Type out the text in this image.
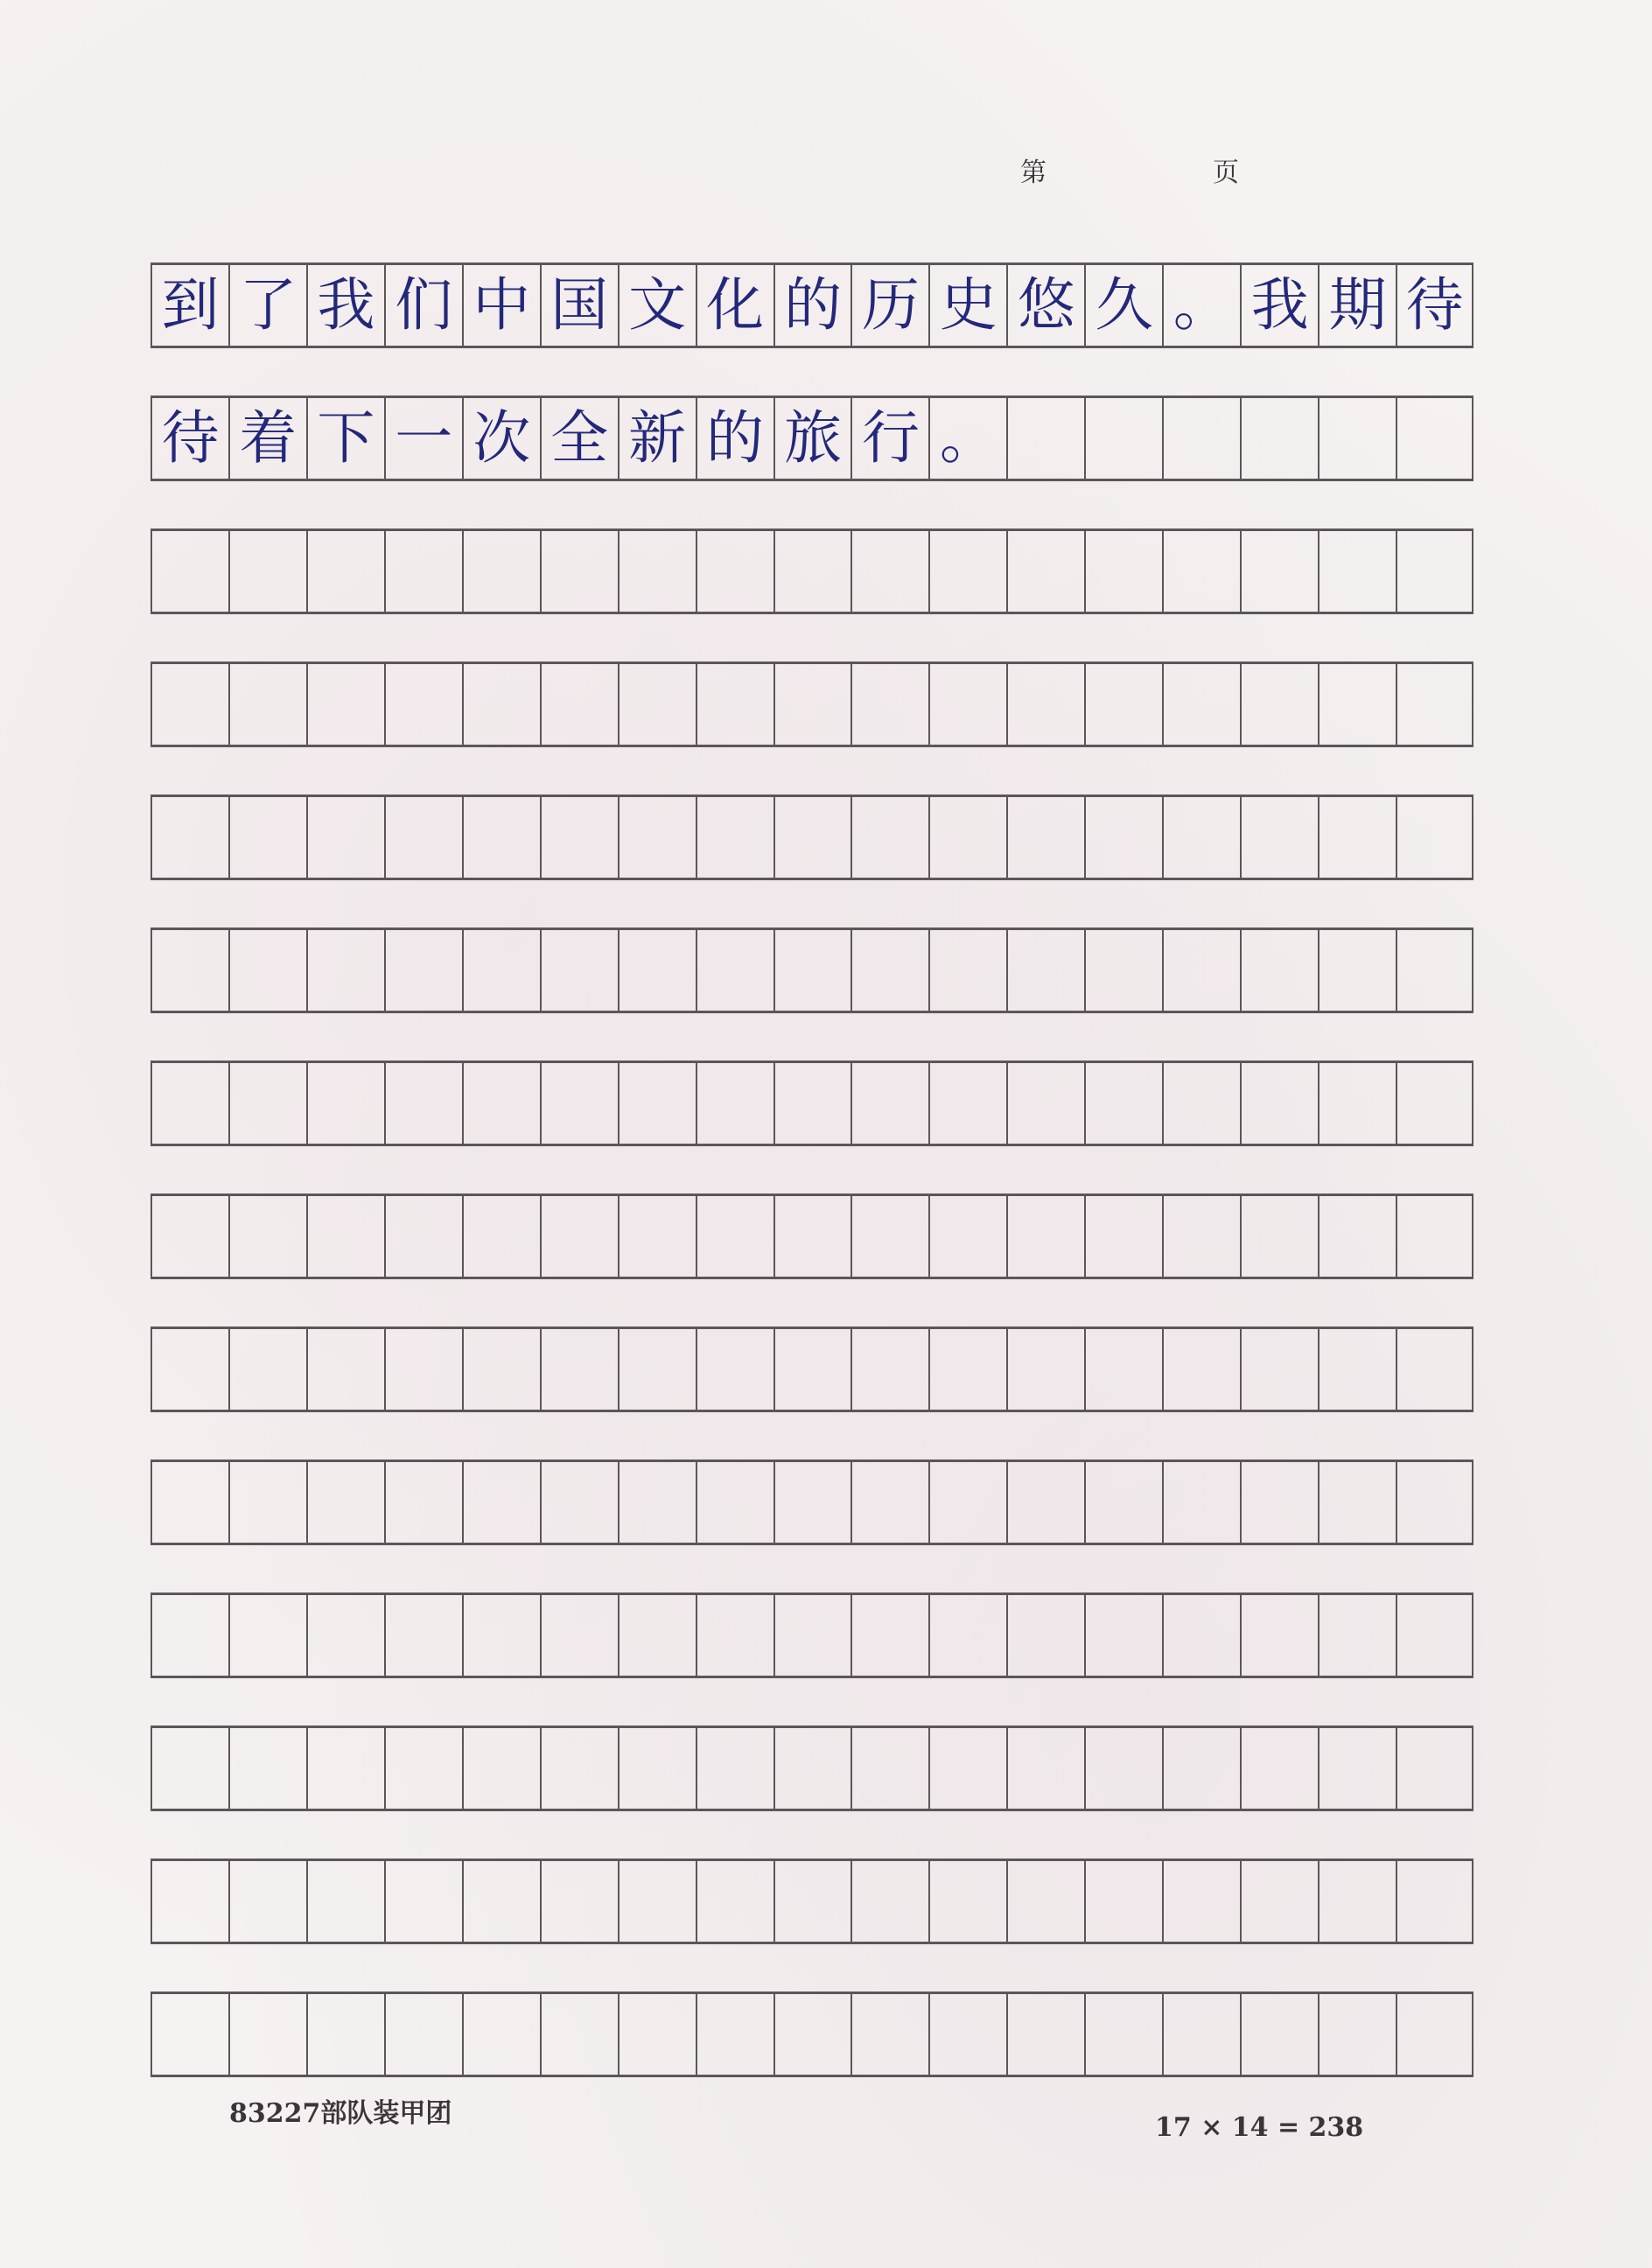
第	页
到 了 我 们 中 国 文 化 的 历 史 悠 久 。 我 期 待
待 着 下 一 次 全 新 的 旅 行 。
83227部队装甲团	17 × 14 = 238
